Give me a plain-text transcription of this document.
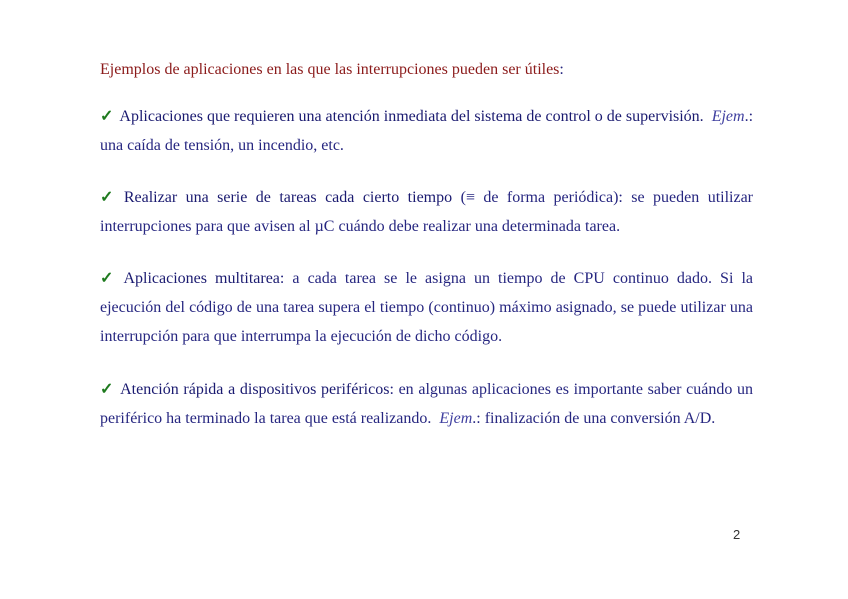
Ejemplos de aplicaciones en las que las interrupciones pueden ser útiles:
✓ Aplicaciones que requieren una atención inmediata del sistema de control o de supervisión. Ejem.: una caída de tensión, un incendio, etc.
✓ Realizar una serie de tareas cada cierto tiempo (≡ de forma periódica): se pueden utilizar interrupciones para que avisen al µC cuándo debe realizar una determinada tarea.
✓ Aplicaciones multitarea: a cada tarea se le asigna un tiempo de CPU continuo dado. Si la ejecución del código de una tarea supera el tiempo (continuo) máximo asignado, se puede utilizar una interrupción para que interrumpa la ejecución de dicho código.
✓ Atención rápida a dispositivos periféricos: en algunas aplicaciones es importante saber cuándo un periférico ha terminado la tarea que está realizando. Ejem.: finalización de una conversión A/D.
2
